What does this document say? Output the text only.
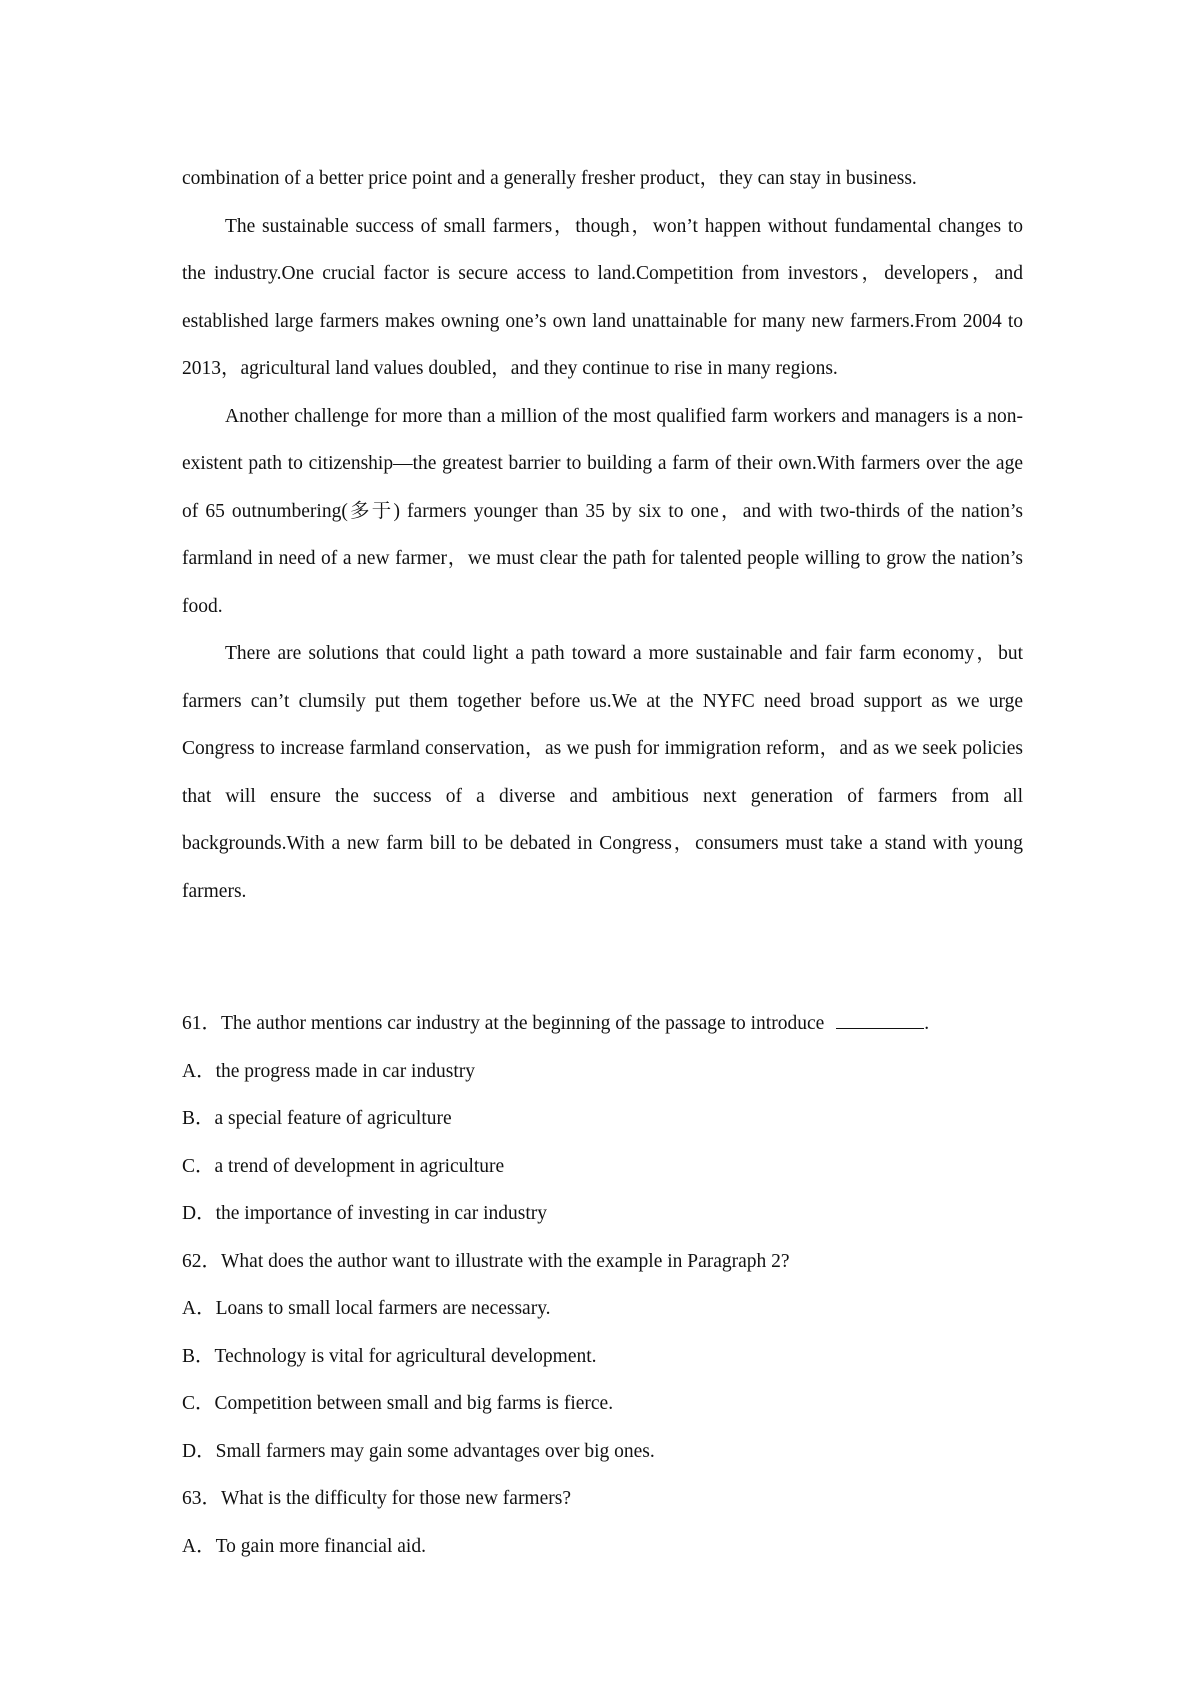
combination of a better price point and a generally fresher product，they can stay in business.

The sustainable success of small farmers，though，won’t happen without fundamental changes to the industry.One crucial factor is secure access to land.Competition from investors，developers，and established large farmers makes owning one’s own land unattainable for many new farmers.From 2004 to 2013，agricultural land values doubled，and they continue to rise in many regions.

Another challenge for more than a million of the most qualified farm workers and managers is a non-existent path to citizenship—the greatest barrier to building a farm of their own.With farmers over the age of 65 outnumbering(多于) farmers younger than 35 by six to one，and with two-thirds of the nation’s farmland in need of a new farmer，we must clear the path for talented people willing to grow the nation’s food.

There are solutions that could light a path toward a more sustainable and fair farm economy，but farmers can’t clumsily put them together before us.We at the NYFC need broad support as we urge Congress to increase farmland conservation，as we push for immigration reform，and as we seek policies that will ensure the success of a diverse and ambitious next generation of farmers from all backgrounds.With a new farm bill to be debated in Congress，consumers must take a stand with young farmers.

61．The author mentions car industry at the beginning of the passage to introduce	.

A．the progress made in car industry

B．a special feature of agriculture

C．a trend of development in agriculture

D．the importance of investing in car industry

62．What does the author want to illustrate with the example in Paragraph 2?

A．Loans to small local farmers are necessary.

B．Technology is vital for agricultural development.

C．Competition between small and big farms is fierce.

D．Small farmers may gain some advantages over big ones.

63．What is the difficulty for those new farmers?

A．To gain more financial aid.
